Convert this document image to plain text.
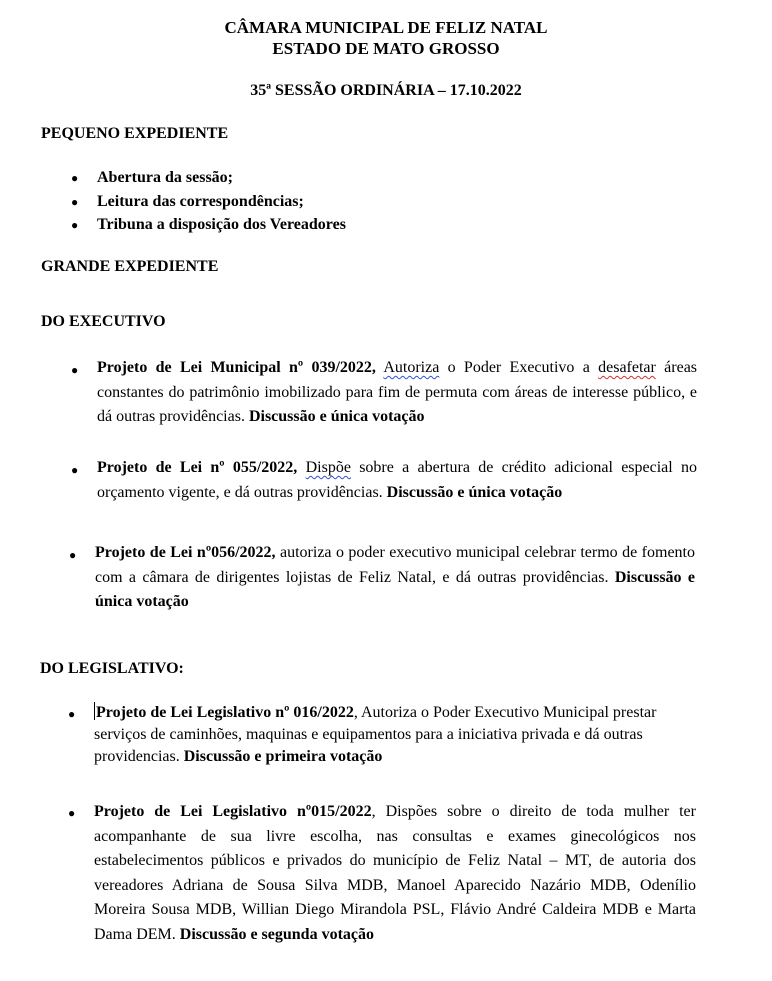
CÂMARA MUNICIPAL DE FELIZ NATAL
ESTADO DE MATO GROSSO
35ª SESSÃO ORDINÁRIA – 17.10.2022
PEQUENO EXPEDIENTE
● Abertura da sessão;
● Leitura das correspondências;
● Tribuna a disposição dos Vereadores
GRANDE EXPEDIENTE
DO EXECUTIVO
● Projeto de Lei Municipal nº 039/2022, Autoriza o Poder Executivo a desafetar áreas constantes do patrimônio imobilizado para fim de permuta com áreas de interesse público, e dá outras providências. Discussão e única votação
● Projeto de Lei nº 055/2022, Dispõe sobre a abertura de crédito adicional especial no orçamento vigente, e dá outras providências. Discussão e única votação
● Projeto de Lei nº056/2022, autoriza o poder executivo municipal celebrar termo de fomento com a câmara de dirigentes lojistas de Feliz Natal, e dá outras providências. Discussão e única votação
DO LEGISLATIVO:
● Projeto de Lei Legislativo nº 016/2022, Autoriza o Poder Executivo Municipal prestar serviços de caminhões, maquinas e equipamentos para a iniciativa privada e dá outras providencias. Discussão e primeira votação
● Projeto de Lei Legislativo nº015/2022, Dispões sobre o direito de toda mulher ter acompanhante de sua livre escolha, nas consultas e exames ginecológicos nos estabelecimentos públicos e privados do município de Feliz Natal – MT, de autoria dos vereadores Adriana de Sousa Silva MDB, Manoel Aparecido Nazário MDB, Odenílio Moreira Sousa MDB, Willian Diego Mirandola PSL, Flávio André Caldeira MDB e Marta Dama DEM. Discussão e segunda votação
